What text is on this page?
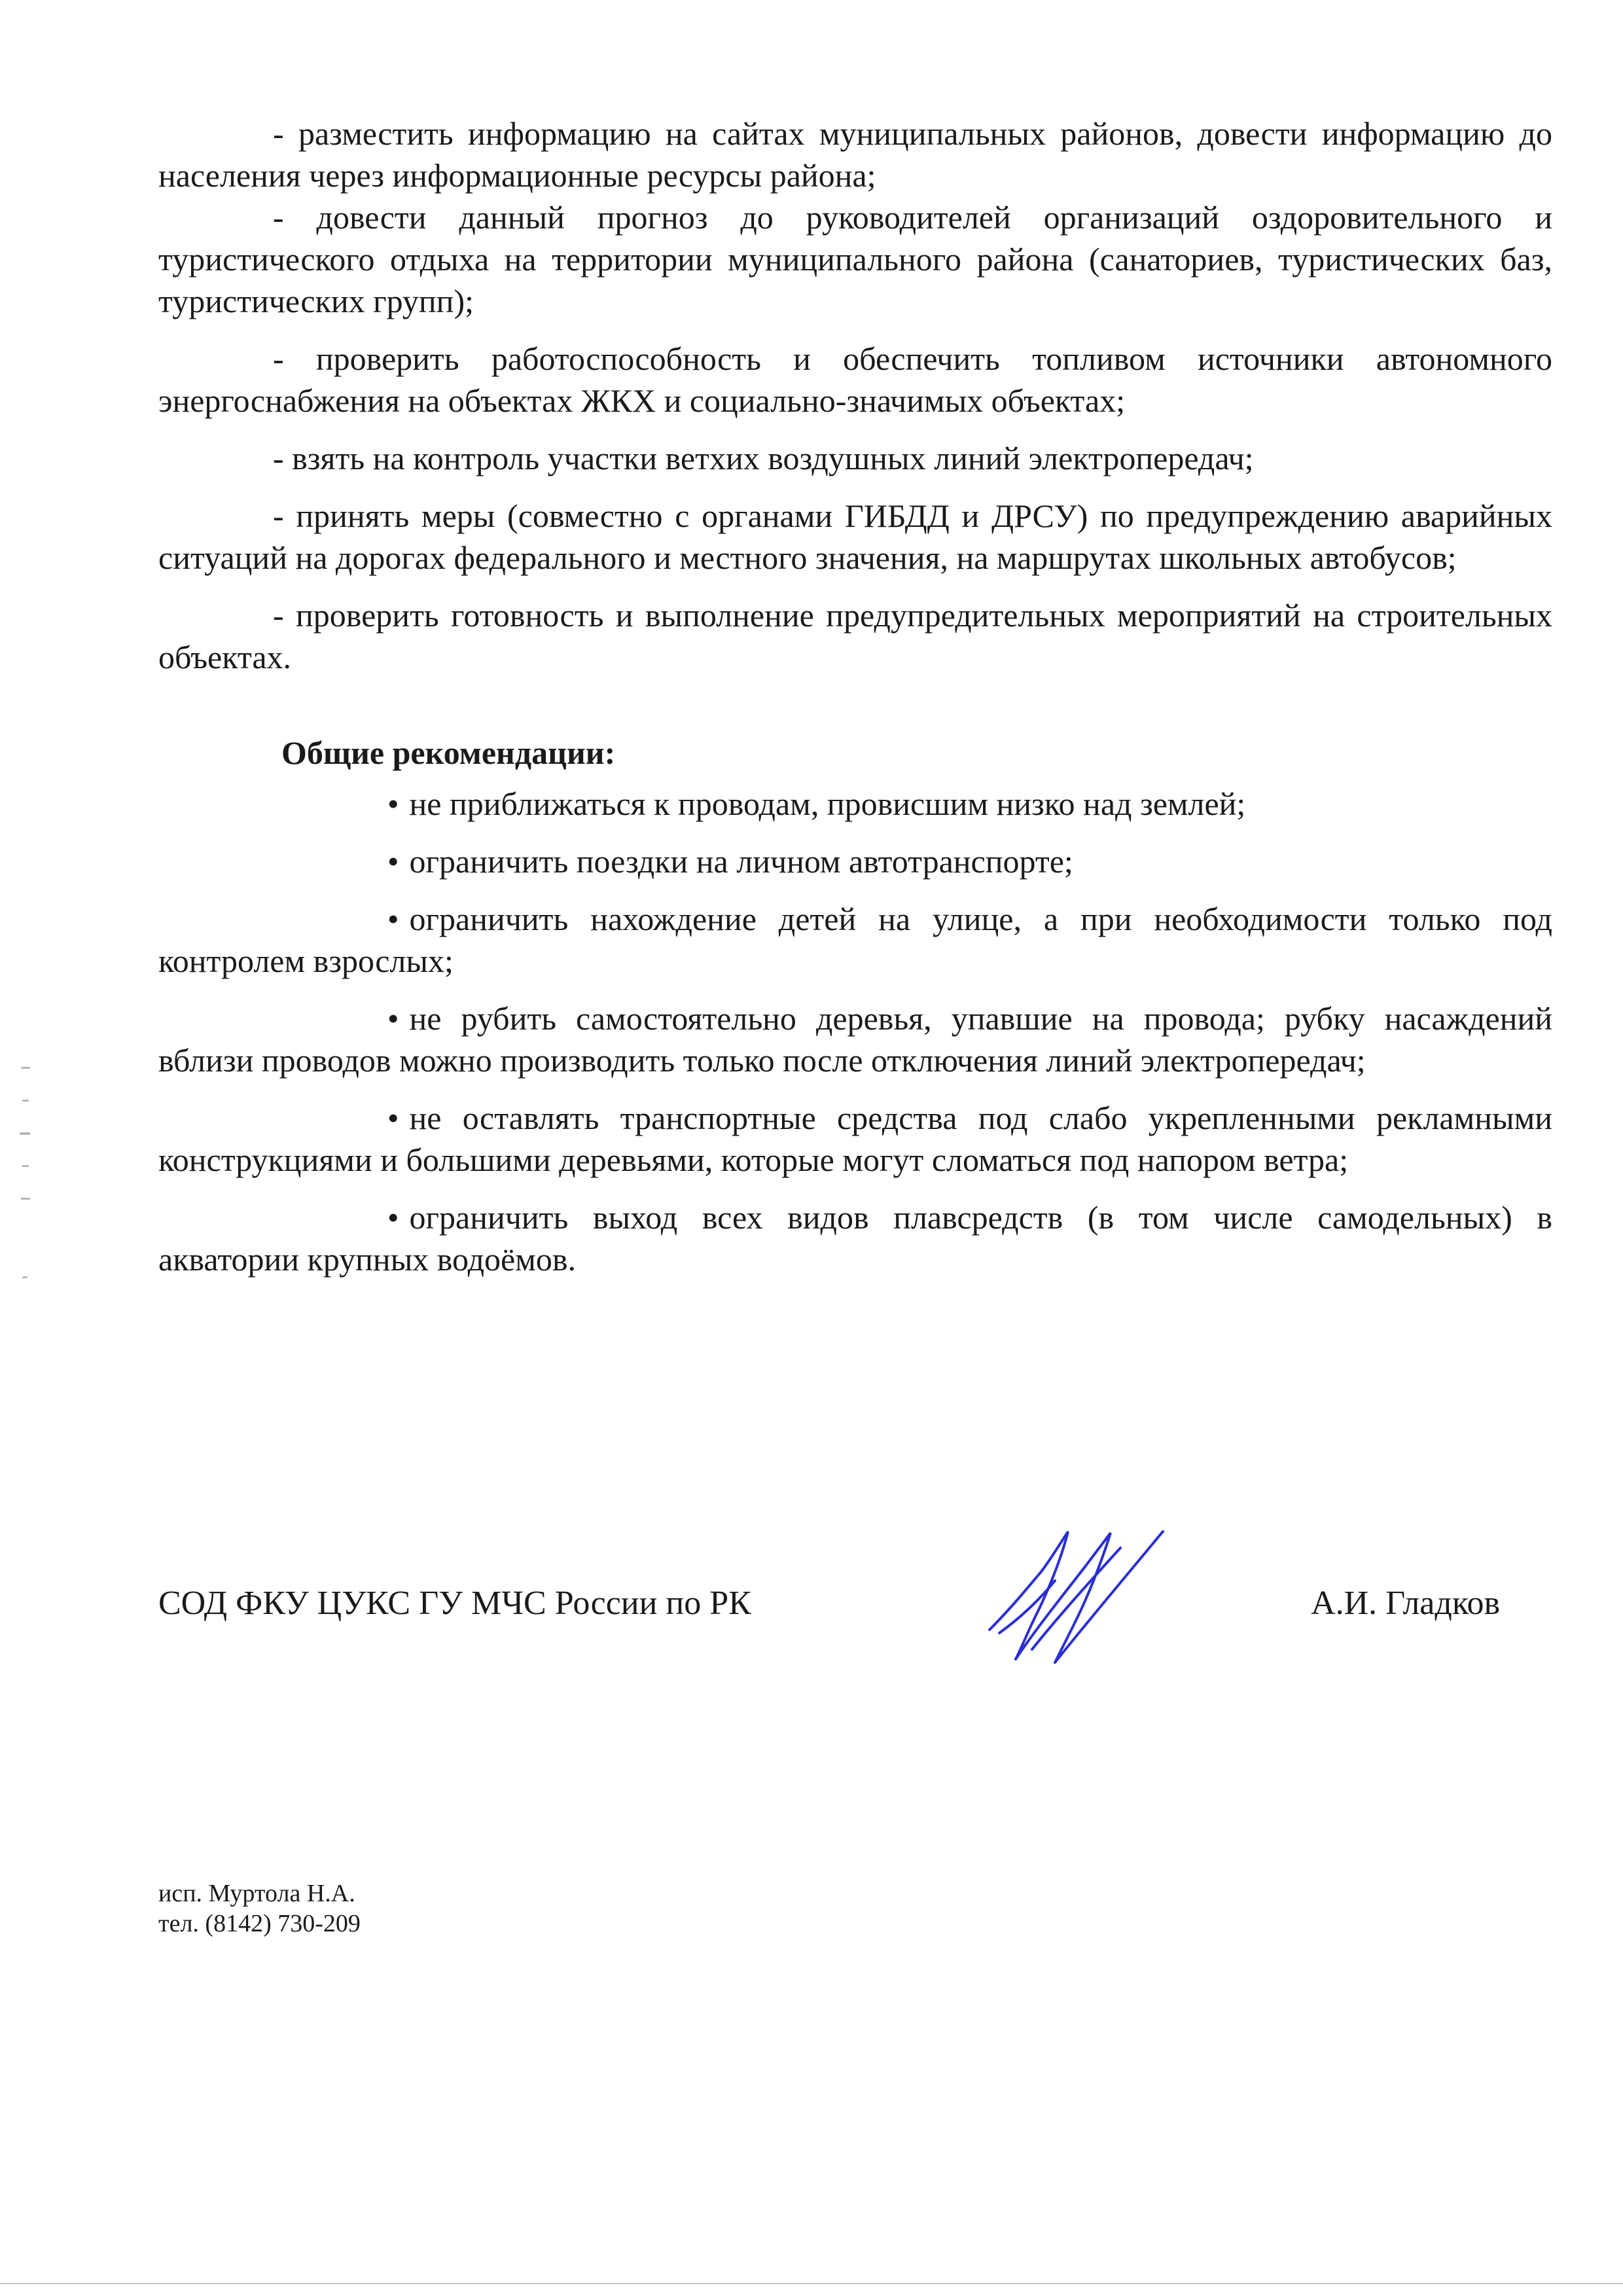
- разместить информацию на сайтах муниципальных районов, довести информацию до населения через информационные ресурсы района;

- довести данный прогноз до руководителей организаций оздоровительного и туристического отдыха на территории муниципального района (санаториев, туристических баз, туристических групп);

- проверить работоспособность и обеспечить топливом источники автономного энергоснабжения на объектах ЖКХ и социально-значимых объектах;

- взять на контроль участки ветхих воздушных линий электропередач;

- принять меры (совместно с органами ГИБДД и ДРСУ) по предупреждению аварийных ситуаций на дорогах федерального и местного значения, на маршрутах школьных автобусов;

- проверить готовность и выполнение предупредительных мероприятий на строительных объектах.

Общие рекомендации:

• не приближаться к проводам, провисшим низко над землей;

• ограничить поездки на личном автотранспорте;

• ограничить нахождение детей на улице, а при необходимости только под контролем взрослых;

• не рубить самостоятельно деревья, упавшие на провода; рубку насаждений вблизи проводов можно производить только после отключения линий электропередач;

• не оставлять транспортные средства под слабо укрепленными рекламными конструкциями и большими деревьями, которые могут сломаться под напором ветра;

• ограничить выход всех видов плавсредств (в том числе самодельных) в акватории крупных водоёмов.

СОД ФКУ ЦУКС ГУ МЧС России по РК	А.И. Гладков
исп. Муртола Н.А.
тел. (8142) 730-209
